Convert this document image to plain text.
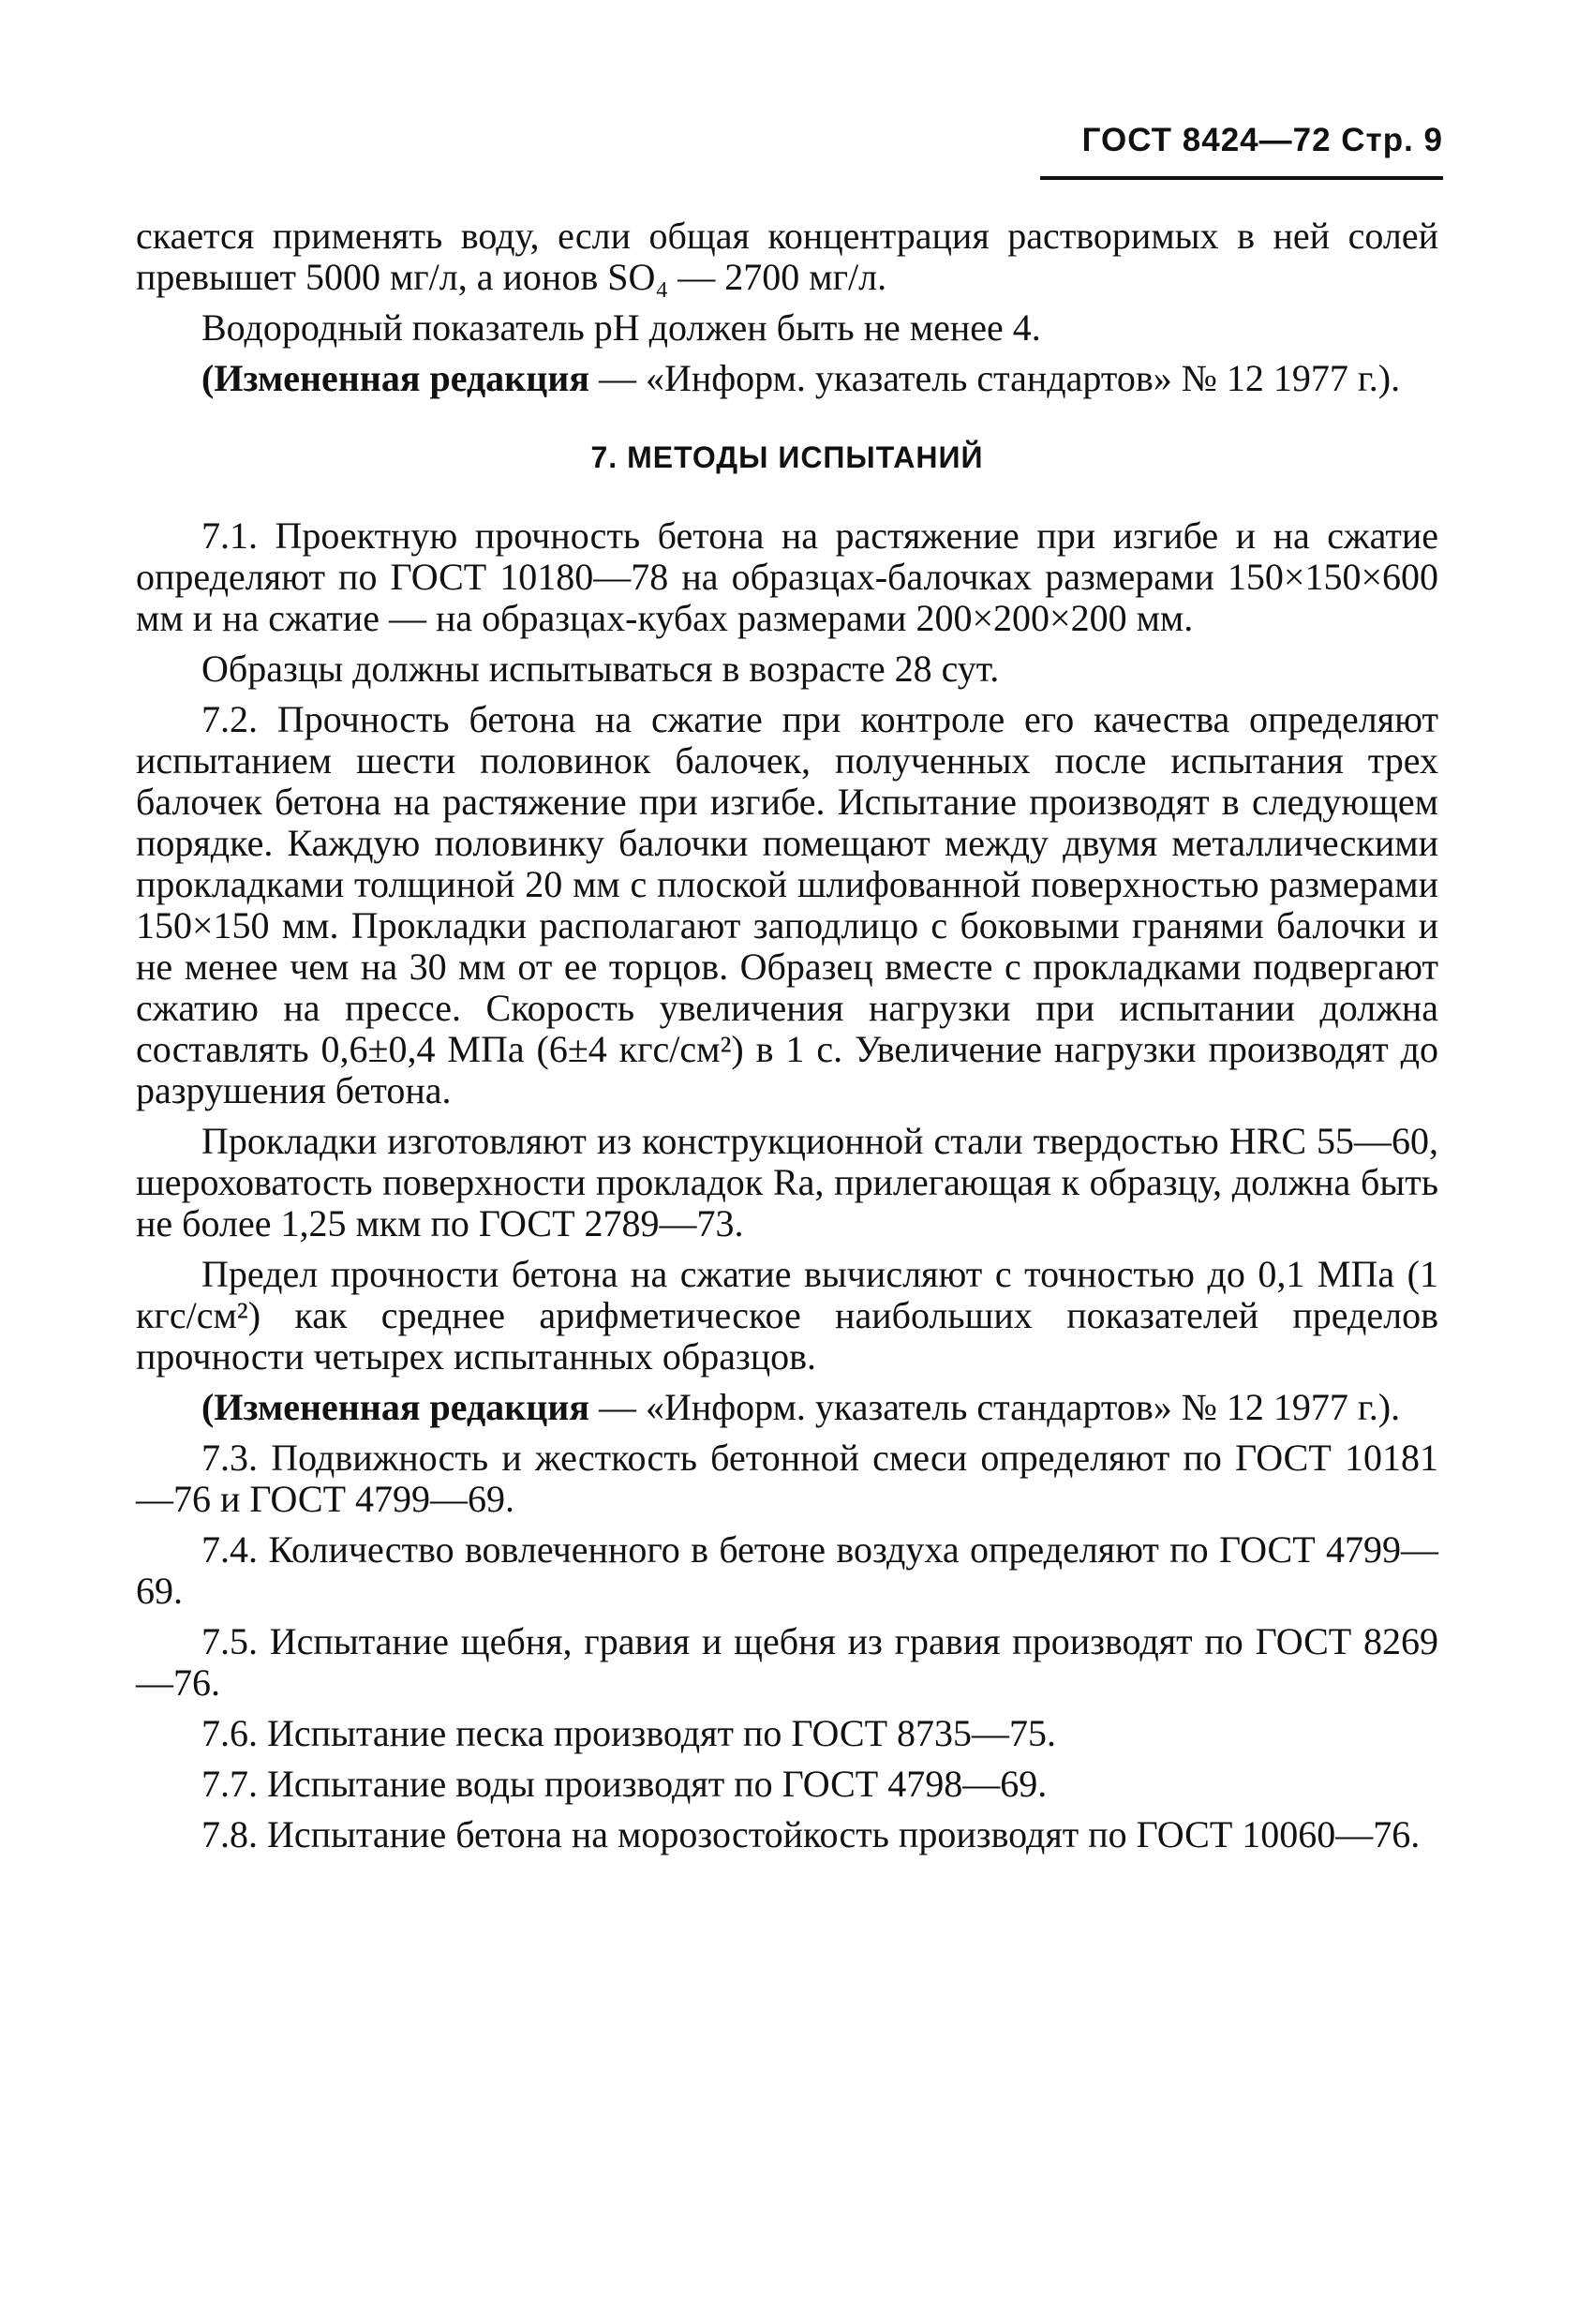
ГОСТ 8424—72 Стр. 9

скается применять воду, если общая концентрация растворимых в ней солей превышет 5000 мг/л, а ионов SO₄ — 2700 мг/л.

Водородный показатель рН должен быть не менее 4.

(Измененная редакция — «Информ. указатель стандартов» № 12 1977 г.).

7. МЕТОДЫ ИСПЫТАНИЙ

7.1. Проектную прочность бетона на растяжение при изгибе и на сжатие определяют по ГОСТ 10180—78 на образцах-балочках размерами 150×150×600 мм и на сжатие — на образцах-кубах размерами 200×200×200 мм.

Образцы должны испытываться в возрасте 28 сут.

7.2. Прочность бетона на сжатие при контроле его качества определяют испытанием шести половинок балочек, полученных после испытания трех балочек бетона на растяжение при изгибе. Испытание производят в следующем порядке. Каждую половинку балочки помещают между двумя металлическими прокладками толщиной 20 мм с плоской шлифованной поверхностью размерами 150×150 мм. Прокладки располагают заподлицо с боковыми гранями балочки и не менее чем на 30 мм от ее торцов. Образец вместе с прокладками подвергают сжатию на прессе. Скорость увеличения нагрузки при испытании должна составлять 0,6±0,4 МПа (6±4 кгс/см²) в 1 с. Увеличение нагрузки производят до разрушения бетона.

Прокладки изготовляют из конструкционной стали твердостью HRC 55—60, шероховатость поверхности прокладок Ra, прилегающая к образцу, должна быть не более 1,25 мкм по ГОСТ 2789—73.

Предел прочности бетона на сжатие вычисляют с точностью до 0,1 МПа (1 кгс/см²) как среднее арифметическое наибольших показателей пределов прочности четырех испытанных образцов.

(Измененная редакция — «Информ. указатель стандартов» № 12 1977 г.).

7.3. Подвижность и жесткость бетонной смеси определяют по ГОСТ 10181—76 и ГОСТ 4799—69.

7.4. Количество вовлеченного в бетоне воздуха определяют по ГОСТ 4799—69.

7.5. Испытание щебня, гравия и щебня из гравия производят по ГОСТ 8269—76.

7.6. Испытание песка производят по ГОСТ 8735—75.

7.7. Испытание воды производят по ГОСТ 4798—69.

7.8. Испытание бетона на морозостойкость производят по ГОСТ 10060—76.
